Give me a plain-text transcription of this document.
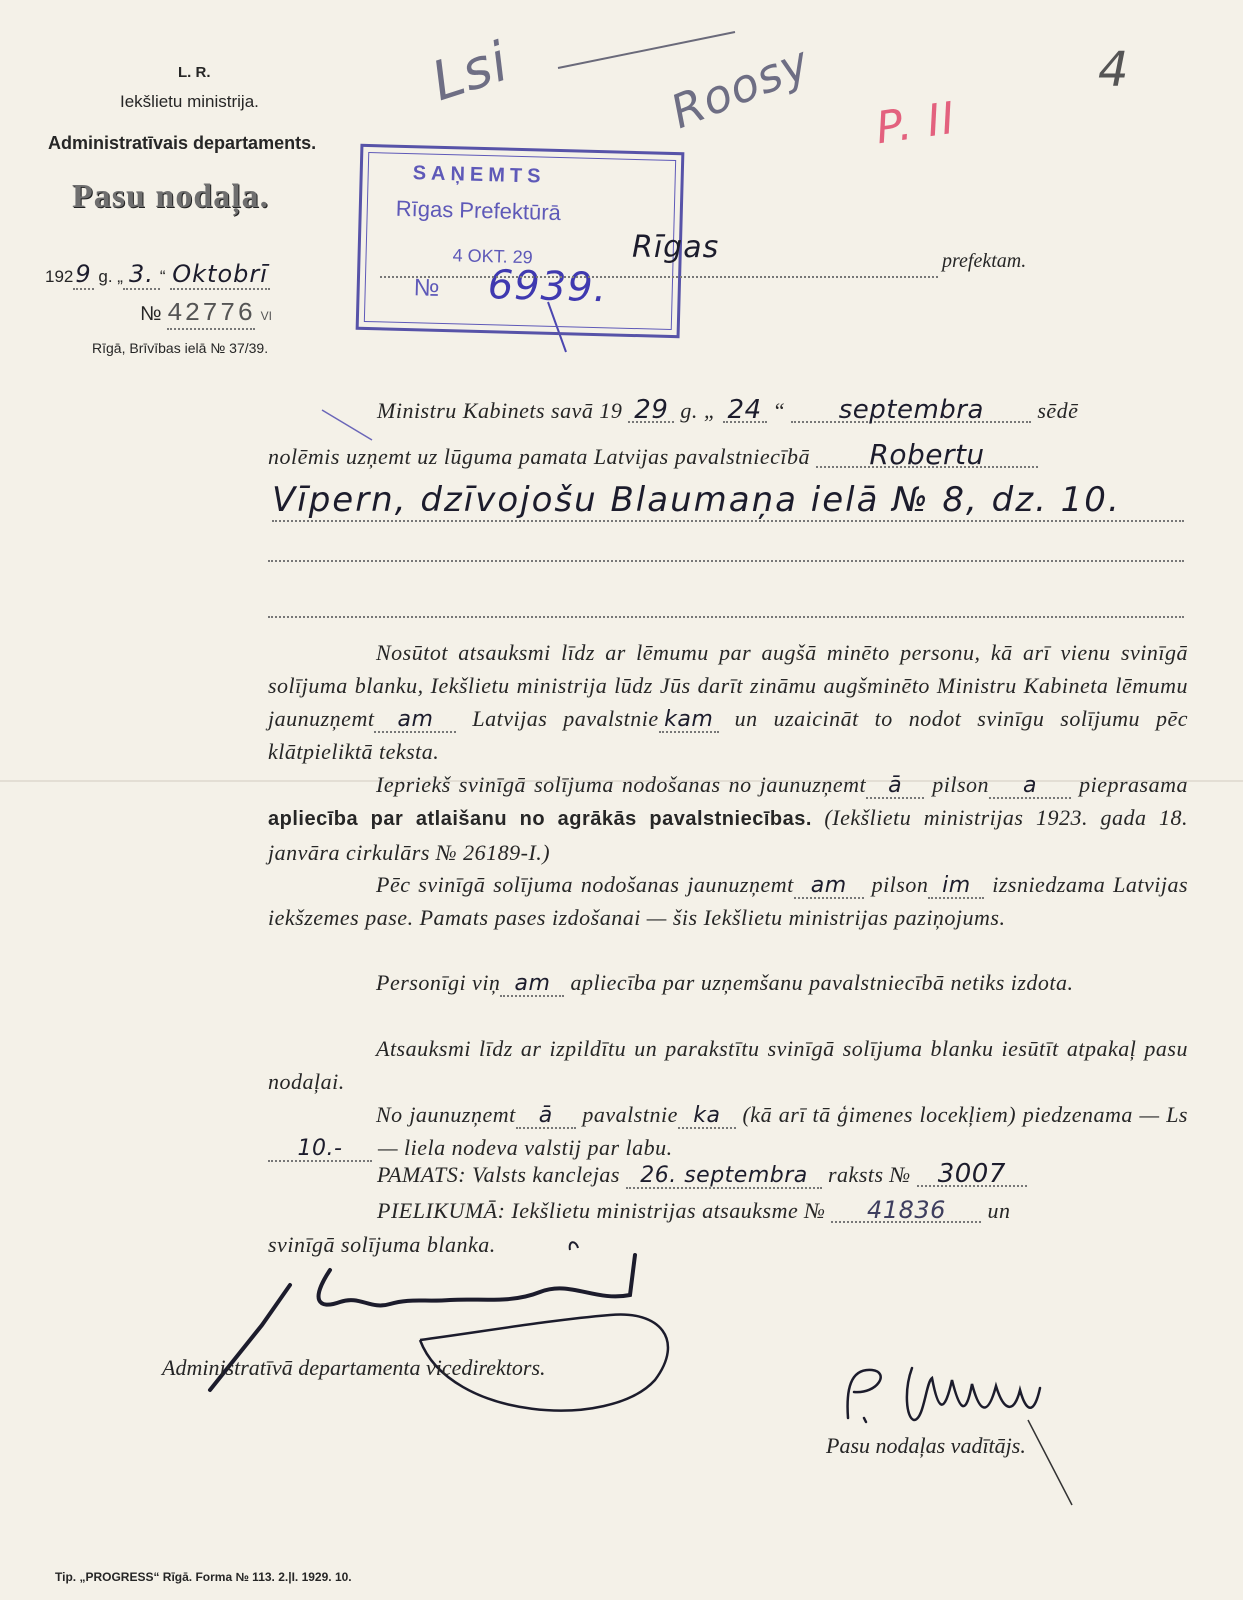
Lsi	Roosy	4
P. II
L. R.
Iekšlietu ministrija.
Administratīvais departaments.
Pasu nodaļa.
1929 g. „ 3. “ Oktobrī
№ 42776 VI
Rīgā, Brīvības ielā № 37/39.
SAŅEMTS
Rīgas Prefektūrā
4 OKT. 29
№ 6939.
Rīgas	prefektam.
Ministru Kabinets savā 19 29 g. „ 24 “ septembra sēdē
nolēmis uzņemt uz lūguma pamata Latvijas pavalstniecībā Robertu
Vīpern, dzīvojošu Blaumaņa ielā № 8, dz. 10.
Nosūtot atsauksmi līdz ar lēmumu par augšā minēto personu, kā arī vienu svinīgā solījuma blanku, Iekšlietu ministrija lūdz Jūs darīt zināmu augšminēto Ministru Kabineta lēmumu jaunuzņemt am Latvijas pavalstnie kam un uzaicināt to nodot svinīgu solījumu pēc klātpieliktā teksta.
Iepriekš svinīgā solījuma nodošanas no jaunuzņemt ā pilson a pieprasama apliecība par atlaišanu no agrākās pavalstniecības. (Iekšlietu ministrijas 1923. gada 18. janvāra cirkulārs № 26189-I.)
Pēc svinīgā solījuma nodošanas jaunuzņemt am pilson im izsniedzama Latvijas iekšzemes pase. Pamats pases izdošanai — šis Iekšlietu ministrijas paziņojums.
Personīgi viņ am apliecība par uzņemšanu pavalstniecībā netiks izdota.
Atsauksmi līdz ar izpildītu un parakstītu svinīgā solījuma blanku iesūtīt atpakaļ pasu nodaļai.
No jaunuzņemt ā pavalstnie ka (kā arī tā ģimenes locekļiem) piedzenama — Ls10.- — liela nodeva valstij par labu.
PAMATS: Valsts kanclejas 26. septembra raksts № 3007
PIELIKUMĀ: Iekšlietu ministrijas atsauksme № 41836 un
svinīgā solījuma blanka.
Administratīvā departamenta vicedirektors.
Pasu nodaļas vadītājs.
Tip. „PROGRESS“ Rīgā. Forma № 113. 2.|I. 1929. 10.
